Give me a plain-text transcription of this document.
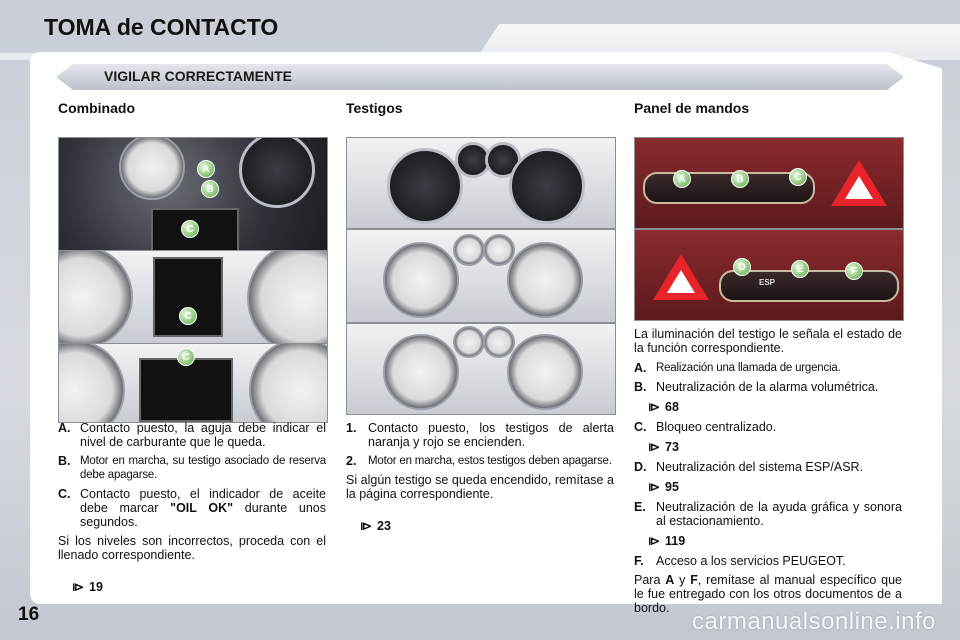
TOMA de CONTACTO
VIGILAR CORRECTAMENTE
Combinado	Testigos	Panel de mandos
A
B
C
C
C
A	B	C
D
ESP
E	F
A. Contacto puesto, la aguja debe indicar el nivel de carburante que le queda.
B. Motor en marcha, su testigo asociado de reserva debe apagarse.
C. Contacto puesto, el indicador de aceite debe marcar "OIL OK" durante unos segundos.
Si los niveles son incorrectos, proceda con el llenado correspondiente.
⧐ 19
1. Contacto puesto, los testigos de alerta naranja y rojo se encienden.
2.	Motor en marcha, estos testigos deben apagarse.
Si algún testigo se queda encendido, remítase a la página correspondiente.
⧐ 23
La iluminación del testigo le señala el estado de la función correspondiente.
A. Realización una llamada de urgencia.
B. Neutralización de la alarma volumétrica.
⧐ 68
C. Bloqueo centralizado.
⧐ 73
D. Neutralización del sistema ESP/ASR.
⧐ 95
E. Neutralización de la ayuda gráfica y sonora al estacionamiento.
⧐ 119
F. Acceso a los servicios PEUGEOT.
Para A y F, remítase al manual específico que le fue entregado con los otros documentos de a bordo.
16	carmanualsonline.info
